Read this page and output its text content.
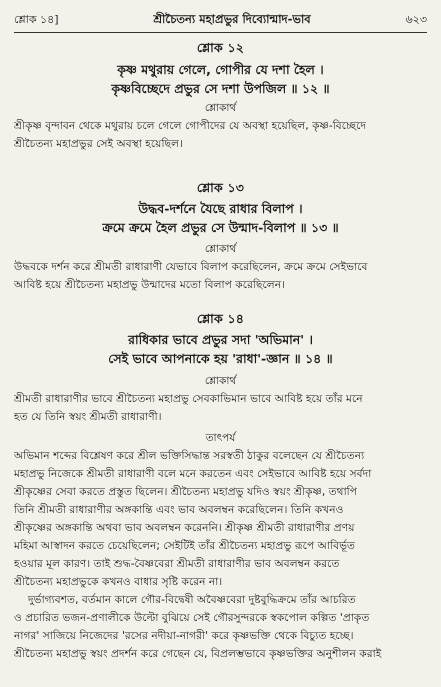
শ্লোক ১৪]	শ্রীচৈতন্য মহাপ্রভুর দিব্যোন্মাদ-ভাব	৬২৩
শ্লোক ১২
কৃষ্ণ মথুরায় গেলে, গোপীর যে দশা হৈল ।
কৃষ্ণবিচ্ছেদে প্রভুর সে দশা উপজিল ॥ ১২ ॥
শ্লোকার্থ
শ্রীকৃষ্ণ বৃন্দাবন থেকে মথুরায় চলে গেলে গোপীদের যে অবস্থা হয়েছিল, কৃষ্ণ-বিচ্ছেদে
শ্রীচৈতন্য মহাপ্রভুর সেই অবস্থা হয়েছিল।
শ্লোক ১৩
উদ্ধব-দর্শনে যৈছে রাধার বিলাপ ।
ক্রমে ক্রমে হৈল প্রভুর সে উন্মাদ-বিলাপ ॥ ১৩ ॥
শ্লোকার্থ
উদ্ধবকে দর্শন করে শ্রীমতী রাধারাণী যেভাবে বিলাপ করেছিলেন, ক্রমে ক্রমে সেইভাবে
আবিষ্ট হয়ে শ্রীচৈতন্য মহাপ্রভু উন্মাদের মতো বিলাপ করেছিলেন।
শ্লোক ১৪
রাধিকার ভাবে প্রভুর সদা 'অভিমান' ।
সেই ভাবে আপনাকে হয় 'রাধা'-জ্ঞান ॥ ১৪ ॥
শ্লোকার্থ
শ্রীমতী রাধারাণীর ভাবে শ্রীচৈতন্য মহাপ্রভু সেবকাভিমান ভাবে আবিষ্ট হয়ে তাঁর মনে
হত যে তিনি স্বয়ং শ্রীমতী রাধারাণী।
তাৎপর্য
অভিমান শব্দের বিশ্লেষণ করে শ্রীল ভক্তিসিদ্ধান্ত সরস্বতী ঠাকুর বলেছেন যে শ্রীচৈতন্য
মহাপ্রভু নিজেকে শ্রীমতী রাধারাণী বলে মনে করতেন এবং সেইভাবে আবিষ্ট হয়ে সর্বদা
শ্রীকৃষ্ণের সেবা করতে প্রস্তুত ছিলেন। শ্রীচৈতন্য মহাপ্রভু যদিও স্বয়ং শ্রীকৃষ্ণ, তথাপি
তিনি শ্রীমতী রাধারাণীর অঙ্গকান্তি এবং ভাব অবলম্বন করেছিলেন। তিনি কখনও
শ্রীকৃষ্ণের অঙ্গকান্তি অথবা ভাব অবলম্বন করেননি। শ্রীকৃষ্ণ শ্রীমতী রাধারাণীর প্রণয়
মহিমা আস্বাদন করতে চেয়েছিলেন; সেইটিই তাঁর শ্রীচৈতন্য মহাপ্রভু রূপে আবির্ভূত
হওয়ার মূল কারণ। তাই শুদ্ধ-বৈষ্ণবেরা শ্রীমতী রাধারাণীর ভাব অবলম্বন করতে
শ্রীচৈতন্য মহাপ্রভুকে কখনও বাধার সৃষ্টি করেন না।
দুর্ভাগ্যবশত, বর্তমান কালে গৌর-বিদ্বেষী অবৈষ্ণবেরা দুষ্টবুদ্ধিক্রমে তাঁর আচরিত
ও প্রচারিত ভজন-প্রণালীকে উল্টো বুঝিয়ে সেই গৌরসুন্দরকে স্বকপোল কল্পিত 'প্রাকৃত
নাগর' সাজিয়ে নিজেদের 'রসের নদীয়া-নাগরী' করে কৃষ্ণভক্তি থেকে বিচ্যুত হচ্ছে।
শ্রীচৈতন্য মহাপ্রভু স্বয়ং প্রদর্শন করে গেছেন যে, বিপ্রলম্ভভাবে কৃষ্ণভক্তির অনুশীলন করাই
